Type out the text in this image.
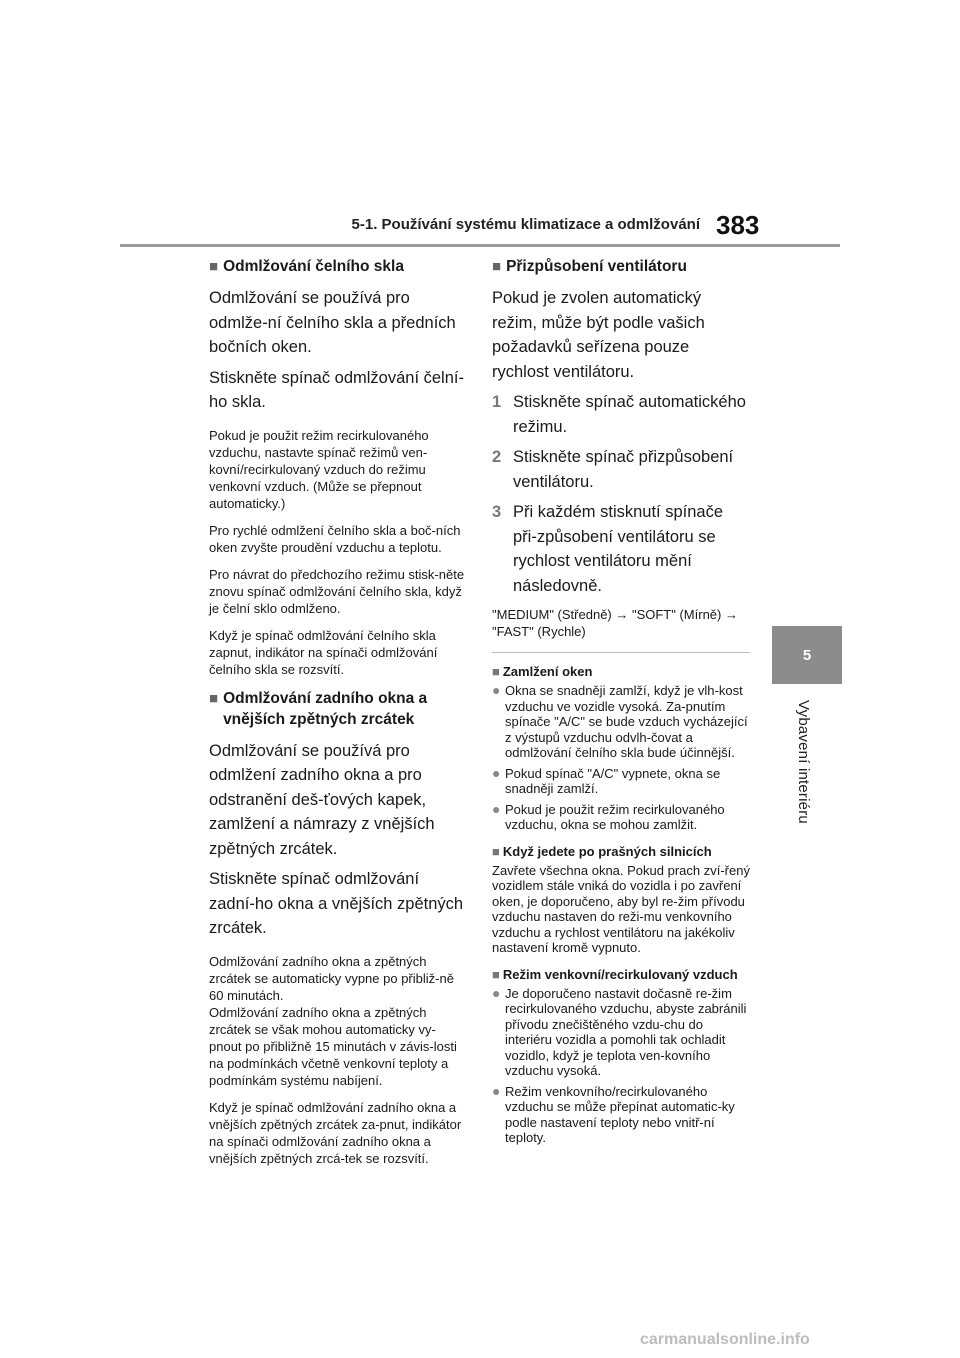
5-1. Používání systému klimatizace a odmlžování 383
5
Vybavení interiéru
■ Odmlžování čelního skla

Odmlžování se používá pro odmlže-ní čelního skla a předních bočních oken.

Stiskněte spínač odmlžování čelní-ho skla.

Pokud je použit režim recirkulovaného vzduchu, nastavte spínač režimů ven-kovní/recirkulovaný vzduch do režimu venkovní vzduch. (Může se přepnout automaticky.)

Pro rychlé odmlžení čelního skla a boč-ních oken zvyšte proudění vzduchu a teplotu.

Pro návrat do předchozího režimu stisk-něte znovu spínač odmlžování čelního skla, když je čelní sklo odmlženo.

Když je spínač odmlžování čelního skla zapnut, indikátor na spínači odmlžování čelního skla se rozsvítí.

■ Odmlžování zadního okna a vnějších zpětných zrcátek

Odmlžování se používá pro odmlžení zadního okna a pro odstranění deš-ťových kapek, zamlžení a námrazy z vnějších zpětných zrcátek.

Stiskněte spínač odmlžování zadní-ho okna a vnějších zpětných zrcátek.

Odmlžování zadního okna a zpětných zrcátek se automaticky vypne po přibliž-ně 60 minutách.

Odmlžování zadního okna a zpětných zrcátek se však mohou automaticky vy-pnout po přibližně 15 minutách v závis-losti na podmínkách včetně venkovní teploty a podmínkám systému nabíjení.

Když je spínač odmlžování zadního okna a vnějších zpětných zrcátek za-pnut, indikátor na spínači odmlžování zadního okna a vnějších zpětných zrcá-tek se rozsvítí.

■ Přizpůsobení ventilátoru

Pokud je zvolen automatický režim, může být podle vašich požadavků seřízena pouze rychlost ventilátoru.

1 Stiskněte spínač automatického režimu.
2 Stiskněte spínač přizpůsobení ventilátoru.
3 Při každém stisknutí spínače při-způsobení ventilátoru se rychlost ventilátoru mění následovně.

"MEDIUM" (Středně) → "SOFT" (Mírně) → "FAST" (Rychle)

■ Zamlžení oken
● Okna se snadněji zamlží, když je vlh-kost vzduchu ve vozidle vysoká. Za-pnutím spínače "A/C" se bude vzduch vycházející z výstupů vzduchu odvlh-čovat a odmlžování čelního skla bude účinnější.
● Pokud spínač "A/C" vypnete, okna se snadněji zamlží.
● Pokud je použit režim recirkulovaného vzduchu, okna se mohou zamlžit.
■ Když jedete po prašných silnicích

Zavřete všechna okna. Pokud prach zví-řený vozidlem stále vniká do vozidla i po zavření oken, je doporučeno, aby byl re-žim přívodu vzduchu nastaven do reži-mu venkovního vzduchu a rychlost ventilátoru na jakékoliv nastavení kromě vypnuto.

■ Režim venkovní/recirkulovaný vzduch
● Je doporučeno nastavit dočasně re-žim recirkulovaného vzduchu, abyste zabránili přívodu znečištěného vzdu-chu do interiéru vozidla a pomohli tak ochladit vozidlo, když je teplota ven-kovního vzduchu vysoká.
● Režim venkovního/recirkulovaného vzduchu se může přepínat automatic-ky podle nastavení teploty nebo vnitř-ní teploty.
carmanualsonline.info
